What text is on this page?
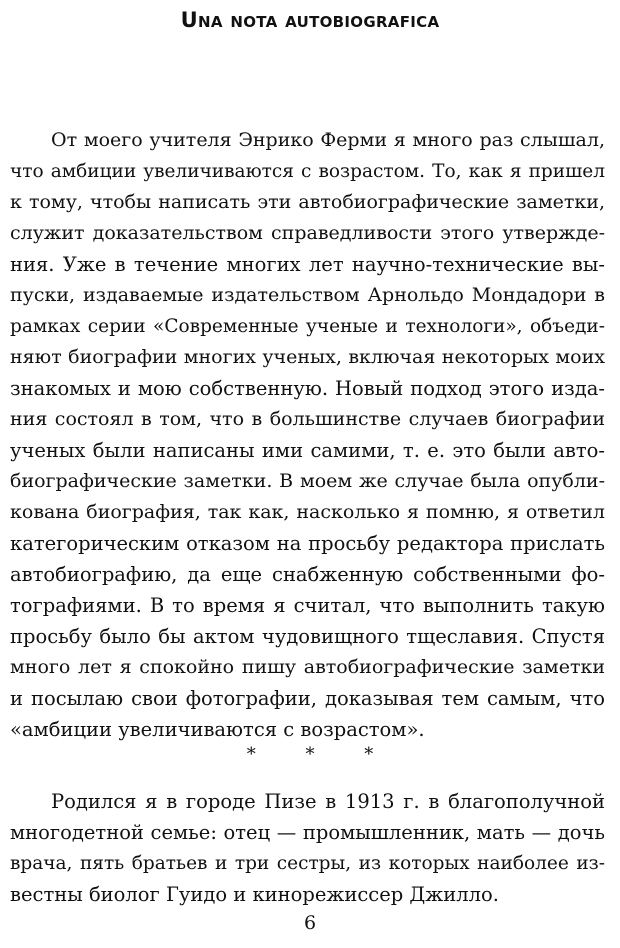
Una nota autobiografica
От моего учителя Энрико Ферми я много раз слышал,
что амбиции увеличиваются с возрастом. То, как я пришел
к тому, чтобы написать эти автобиографические заметки,
служит доказательством справедливости этого утвержде-
ния. Уже в течение многих лет научно-технические вы-
пуски, издаваемые издательством Арнольдо Мондадори в
рамках серии «Современные ученые и технологи», объеди-
няют биографии многих ученых, включая некоторых моих
знакомых и мою собственную. Новый подход этого изда-
ния состоял в том, что в большинстве случаев биографии
ученых были написаны ими самими, т. е. это были авто-
биографические заметки. В моем же случае была опубли-
кована биография, так как, насколько я помню, я ответил
категорическим отказом на просьбу редактора прислать
автобиографию, да еще снабженную собственными фо-
тографиями. В то время я считал, что выполнить такую
просьбу было бы актом чудовищного тщеславия. Спустя
много лет я спокойно пишу автобиографические заметки
и посылаю свои фотографии, доказывая тем самым, что
«амбиции увеличиваются с возрастом».

* * *

Родился я в городе Пизе в 1913 г. в благополучной
многодетной семье: отец — промышленник, мать — дочь
врача, пять братьев и три сестры, из которых наиболее из-
вестны биолог Гуидо и кинорежиссер Джилло.

6
